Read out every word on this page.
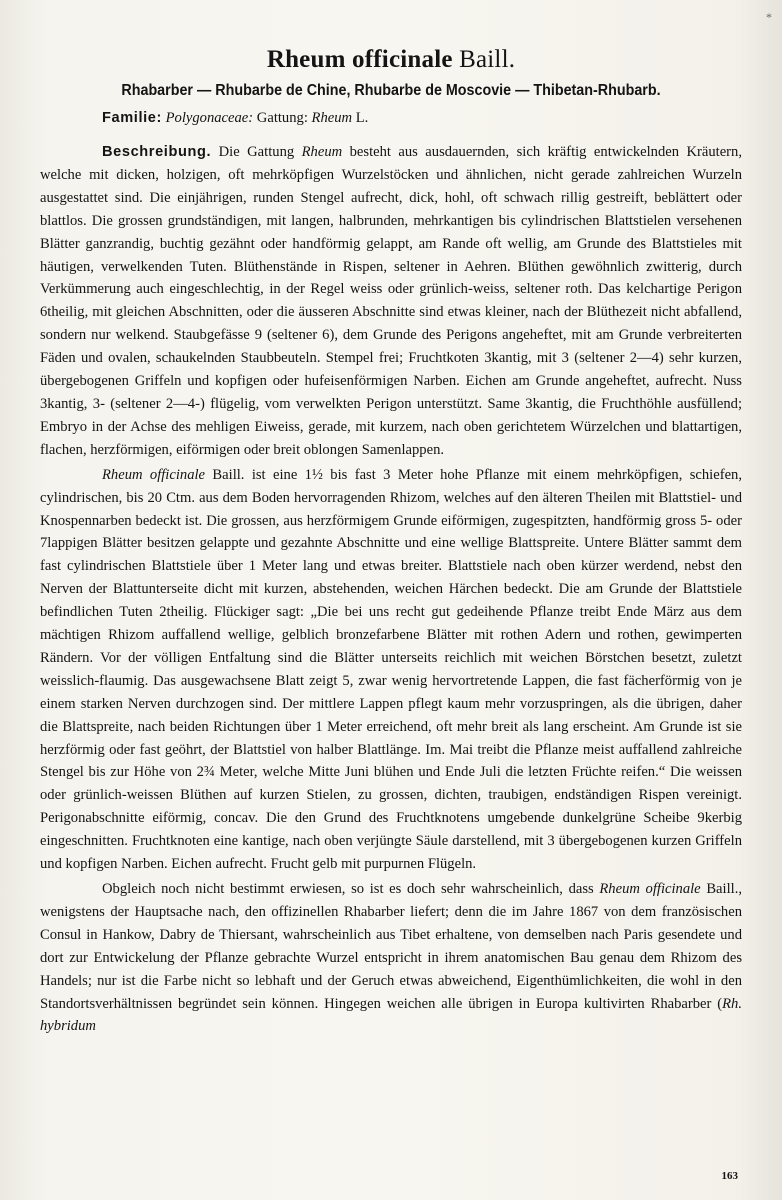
*
Rheum officinale Baill.
Rhabarber — Rhubarbe de Chine, Rhubarbe de Moscovie — Thibetan-Rhubarb.
Familie: Polygonaceae: Gattung: Rheum L.

Beschreibung. Die Gattung Rheum besteht aus ausdauernden, sich kräftig entwickelnden Kräutern, welche mit dicken, holzigen, oft mehrköpfigen Wurzelstöcken und ähnlichen, nicht gerade zahlreichen Wurzeln ausgestattet sind. Die einjährigen, runden Stengel aufrecht, dick, hohl, oft schwach rillig gestreift, beblättert oder blattlos. Die grossen grundständigen, mit langen, halbrunden, mehrkantigen bis cylindrischen Blattstielen versehenen Blätter ganzrandig, buchtig gezähnt oder handförmig gelappt, am Rande oft wellig, am Grunde des Blattstieles mit häutigen, verwelkenden Tuten. Blüthenstände in Rispen, seltener in Aehren. Blüthen gewöhnlich zwitterig, durch Verkümmerung auch eingeschlechtig, in der Regel weiss oder grünlich-weiss, seltener roth. Das kelchartige Perigon 6theilig, mit gleichen Abschnitten, oder die äusseren Abschnitte sind etwas kleiner, nach der Blüthezeit nicht abfallend, sondern nur welkend. Staubgefässe 9 (seltener 6), dem Grunde des Perigons angeheftet, mit am Grunde verbreiterten Fäden und ovalen, schaukelnden Staubbeuteln. Stempel frei; Fruchtkoten 3kantig, mit 3 (seltener 2—4) sehr kurzen, übergebogenen Griffeln und kopfigen oder hufeisenförmigen Narben. Eichen am Grunde angeheftet, aufrecht. Nuss 3kantig, 3- (seltener 2—4-) flügelig, vom verwelkten Perigon unterstützt. Same 3kantig, die Fruchthöhle ausfüllend; Embryo in der Achse des mehligen Eiweiss, gerade, mit kurzem, nach oben gerichtetem Würzelchen und blattartigen, flachen, herzförmigen, eiförmigen oder breit oblongen Samenlappen.

Rheum officinale Baill. ist eine 1½ bis fast 3 Meter hohe Pflanze mit einem mehrköpfigen, schiefen, cylindrischen, bis 20 Ctm. aus dem Boden hervorragenden Rhizom, welches auf den älteren Theilen mit Blattstiel- und Knospennarben bedeckt ist. Die grossen, aus herzförmigem Grunde eiförmigen, zugespitzten, handförmig gross 5- oder 7lappigen Blätter besitzen gelappte und gezahnte Abschnitte und eine wellige Blattspreite. Untere Blätter sammt dem fast cylindrischen Blattstiele über 1 Meter lang und etwas breiter. Blattstiele nach oben kürzer werdend, nebst den Nerven der Blattunterseite dicht mit kurzen, abstehenden, weichen Härchen bedeckt. Die am Grunde der Blattstiele befindlichen Tuten 2theilig. Flückiger sagt: „Die bei uns recht gut gedeihende Pflanze treibt Ende März aus dem mächtigen Rhizom auffallend wellige, gelblich bronzefarbene Blätter mit rothen Adern und rothen, gewimperten Rändern. Vor der völligen Entfaltung sind die Blätter unterseits reichlich mit weichen Börstchen besetzt, zuletzt weisslich-flaumig. Das ausgewachsene Blatt zeigt 5, zwar wenig hervortretende Lappen, die fast fächerförmig von je einem starken Nerven durchzogen sind. Der mittlere Lappen pflegt kaum mehr vorzuspringen, als die übrigen, daher die Blattspreite, nach beiden Richtungen über 1 Meter erreichend, oft mehr breit als lang erscheint. Am Grunde ist sie herzförmig oder fast geöhrt, der Blattstiel von halber Blattlänge. Im. Mai treibt die Pflanze meist auffallend zahlreiche Stengel bis zur Höhe von 2¾ Meter, welche Mitte Juni blühen und Ende Juli die letzten Früchte reifen.“ Die weissen oder grünlich-weissen Blüthen auf kurzen Stielen, zu grossen, dichten, traubigen, endständigen Rispen vereinigt. Perigonabschnitte eiförmig, concav. Die den Grund des Fruchtknotens umgebende dunkelgrüne Scheibe 9kerbig eingeschnitten. Fruchtknoten eine kantige, nach oben verjüngte Säule darstellend, mit 3 übergebogenen kurzen Griffeln und kopfigen Narben. Eichen aufrecht. Frucht gelb mit purpurnen Flügeln.

Obgleich noch nicht bestimmt erwiesen, so ist es doch sehr wahrscheinlich, dass Rheum officinale Baill., wenigstens der Hauptsache nach, den offizinellen Rhabarber liefert; denn die im Jahre 1867 von dem französischen Consul in Hankow, Dabry de Thiersant, wahrscheinlich aus Tibet erhaltene, von demselben nach Paris gesendete und dort zur Entwickelung der Pflanze gebrachte Wurzel entspricht in ihrem anatomischen Bau genau dem Rhizom des Handels; nur ist die Farbe nicht so lebhaft und der Geruch etwas abweichend, Eigenthümlichkeiten, die wohl in den Standortsverhältnissen begründet sein können. Hingegen weichen alle übrigen in Europa kultivirten Rhabarber (Rh. hybridum

163
